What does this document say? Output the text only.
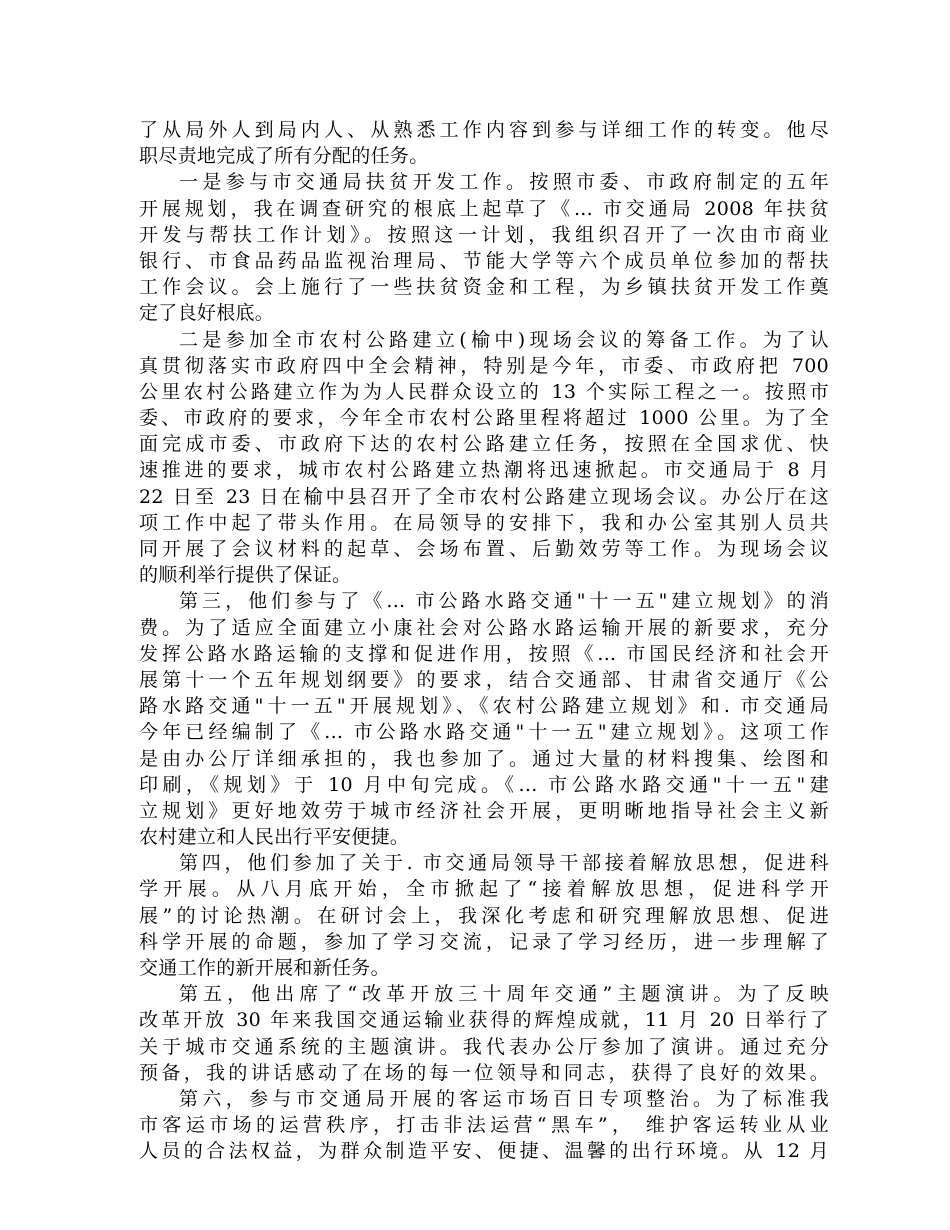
了从局外人到局内人、从熟悉工作内容到参与详细工作的转变。他尽
职尽责地完成了所有分配的任务。
一是参与市交通局扶贫开发工作。按照市委、市政府制定的五年
开展规划，我在调查研究的根底上起草了《... 市交通局 2008 年扶贫
开发与帮扶工作计划》。按照这一计划，我组织召开了一次由市商业
银行、市食品药品监视治理局、节能大学等六个成员单位参加的帮扶
工作会议。会上施行了一些扶贫资金和工程，为乡镇扶贫开发工作奠
定了良好根底。
二是参加全市农村公路建立(榆中)现场会议的筹备工作。为了认
真贯彻落实市政府四中全会精神，特别是今年，市委、市政府把 700
公里农村公路建立作为为人民群众设立的 13 个实际工程之一。按照市
委、市政府的要求，今年全市农村公路里程将超过 1000 公里。为了全
面完成市委、市政府下达的农村公路建立任务，按照在全国求优、快
速推进的要求，城市农村公路建立热潮将迅速掀起。市交通局于 8 月
22 日至 23 日在榆中县召开了全市农村公路建立现场会议。办公厅在这
项工作中起了带头作用。在局领导的安排下，我和办公室其别人员共
同开展了会议材料的起草、会场布置、后勤效劳等工作。为现场会议
的顺利举行提供了保证。
第三，他们参与了《... 市公路水路交通"十一五"建立规划》的消
费。为了适应全面建立小康社会对公路水路运输开展的新要求，充分
发挥公路水路运输的支撑和促进作用，按照《... 市国民经济和社会开
展第十一个五年规划纲要》的要求，结合交通部、甘肃省交通厅《公
路水路交通"十一五"开展规划》、《农村公路建立规划》和. 市交通局
今年已经编制了《... 市公路水路交通"十一五"建立规划》。这项工作
是由办公厅详细承担的，我也参加了。通过大量的材料搜集、绘图和
印刷，《规划》于 10 月中旬完成。《... 市公路水路交通"十一五"建
立规划》更好地效劳于城市经济社会开展，更明晰地指导社会主义新
农村建立和人民出行平安便捷。
第四，他们参加了关于. 市交通局领导干部接着解放思想，促进科
学开展。从八月底开始，全市掀起了“接着解放思想，促进科学开
展”的讨论热潮。在研讨会上，我深化考虑和研究理解放思想、促进
科学开展的命题，参加了学习交流，记录了学习经历，进一步理解了
交通工作的新开展和新任务。
第五，他出席了“改革开放三十周年交通”主题演讲。为了反映
改革开放 30 年来我国交通运输业获得的辉煌成就，11 月 20 日举行了
关于城市交通系统的主题演讲。我代表办公厅参加了演讲。通过充分
预备，我的讲话感动了在场的每一位领导和同志，获得了良好的效果。
第六，参与市交通局开展的客运市场百日专项整治。为了标准我
市客运市场的运营秩序，打击非法运营“黑车”， 维护客运转业从业
人员的合法权益，为群众制造平安、便捷、温馨的出行环境。从 12 月
